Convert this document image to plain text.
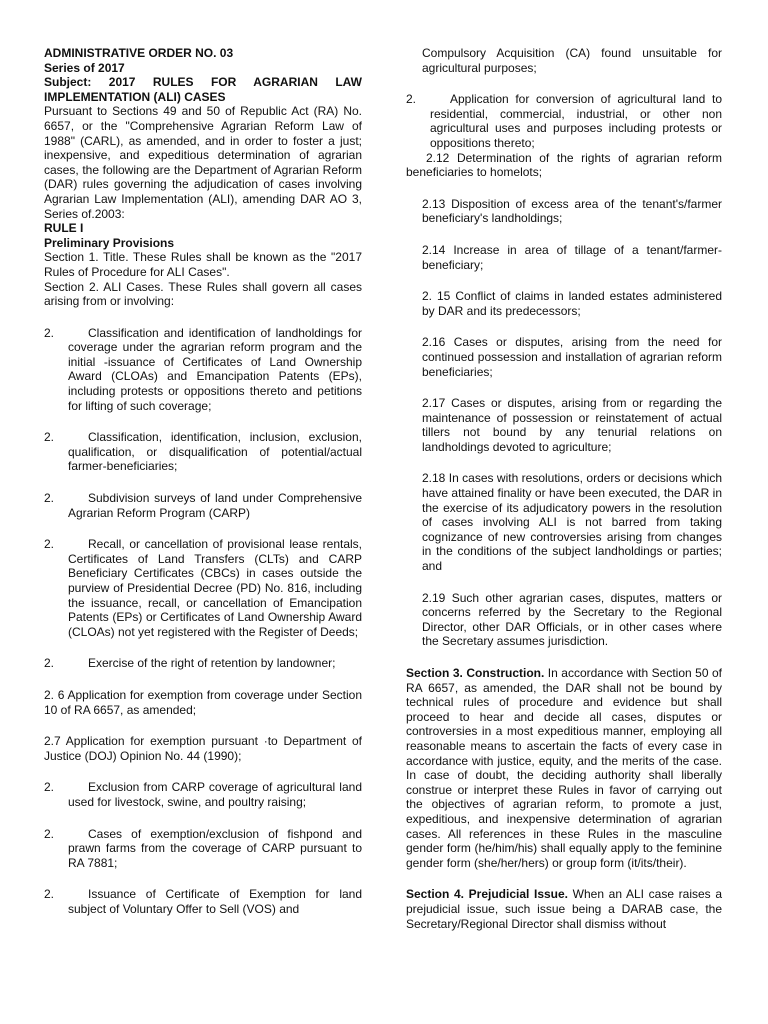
ADMINISTRATIVE ORDER NO. 03

Series of 2017

Subject: 2017 RULES FOR AGRARIAN LAW IMPLEMENTATION (ALI) CASES

Pursuant to Sections 49 and 50 of Republic Act (RA) No. 6657, or the "Comprehensive Agrarian Reform Law of 1988" (CARL), as amended, and in order to foster a just; inexpensive, and expeditious determination of agrarian cases, the following are the Department of Agrarian Reform (DAR) rules governing the adjudication of cases involving Agrarian Law Implementation (ALI), amending DAR AO 3, Series of.2003:

RULE I

Preliminary Provisions

Section 1. Title. These Rules shall be known as the "2017 Rules of Procedure for ALI Cases".

Section 2. ALI Cases. These Rules shall govern all cases arising from or involving:

2.	Classification and identification of landholdings for coverage under the agrarian reform program and the initial -issuance of Certificates of Land Ownership Award (CLOAs) and Emancipation Patents (EPs), including protests or oppositions thereto and petitions for lifting of such coverage;

2.	Classification, identification, inclusion, exclusion, qualification, or disqualification of potential/actual farmer-beneficiaries;

2.	Subdivision surveys of land under Comprehensive Agrarian Reform Program (CARP)

2.	Recall, or cancellation of provisional lease rentals, Certificates of Land Transfers (CLTs) and CARP Beneficiary Certificates (CBCs) in cases outside the purview of Presidential Decree (PD) No. 816, including the issuance, recall, or cancellation of Emancipation Patents (EPs) or Certificates of Land Ownership Award (CLOAs) not yet registered with the Register of Deeds;

2.	Exercise of the right of retention by landowner;

2. 6 Application for exemption from coverage under Section 10 of RA 6657, as amended;

2.7 Application for exemption pursuant ·to Department of Justice (DOJ) Opinion No. 44 (1990);

2.	Exclusion from CARP coverage of agricultural land used for livestock, swine, and poultry raising;

2.	Cases of exemption/exclusion of fishpond and prawn farms from the coverage of CARP pursuant to RA 7881;

2.	Issuance of Certificate of Exemption for land subject of Voluntary Offer to Sell (VOS) and

Compulsory Acquisition (CA) found unsuitable for agricultural purposes;

2.	Application for conversion of agricultural land to residential, commercial, industrial, or other non agricultural uses and purposes including protests or oppositions thereto;

2.12 Determination of the rights of agrarian reform beneficiaries to homelots;

2.13 Disposition of excess area of the tenant's/farmer beneficiary's landholdings;

2.14 Increase in area of tillage of a tenant/farmer-beneficiary;

2. 15 Conflict of claims in landed estates administered by DAR and its predecessors;

2.16 Cases or disputes, arising from the need for continued possession and installation of agrarian reform beneficiaries;

2.17 Cases or disputes, arising from or regarding the maintenance of possession or reinstatement of actual tillers not bound by any tenurial relations on landholdings devoted to agriculture;

2.18 In cases with resolutions, orders or decisions which have attained finality or have been executed, the DAR in the exercise of its adjudicatory powers in the resolution of cases involving ALI is not barred from taking cognizance of new controversies arising from changes in the conditions of the subject landholdings or parties; and

2.19 Such other agrarian cases, disputes, matters or concerns referred by the Secretary to the Regional Director, other DAR Officials, or in other cases where the Secretary assumes jurisdiction.

Section 3. Construction. In accordance with Section 50 of RA 6657, as amended, the DAR shall not be bound by technical rules of procedure and evidence but shall proceed to hear and decide all cases, disputes or controversies in a most expeditious manner, employing all reasonable means to ascertain the facts of every case in accordance with justice, equity, and the merits of the case. In case of doubt, the deciding authority shall liberally construe or interpret these Rules in favor of carrying out the objectives of agrarian reform, to promote a just, expeditious, and inexpensive determination of agrarian cases. All references in these Rules in the masculine gender form (he/him/his) shall equally apply to the feminine gender form (she/her/hers) or group form (it/its/their).

Section 4. Prejudicial Issue. When an ALI case raises a prejudicial issue, such issue being a DARAB case, the Secretary/Regional Director shall dismiss without
